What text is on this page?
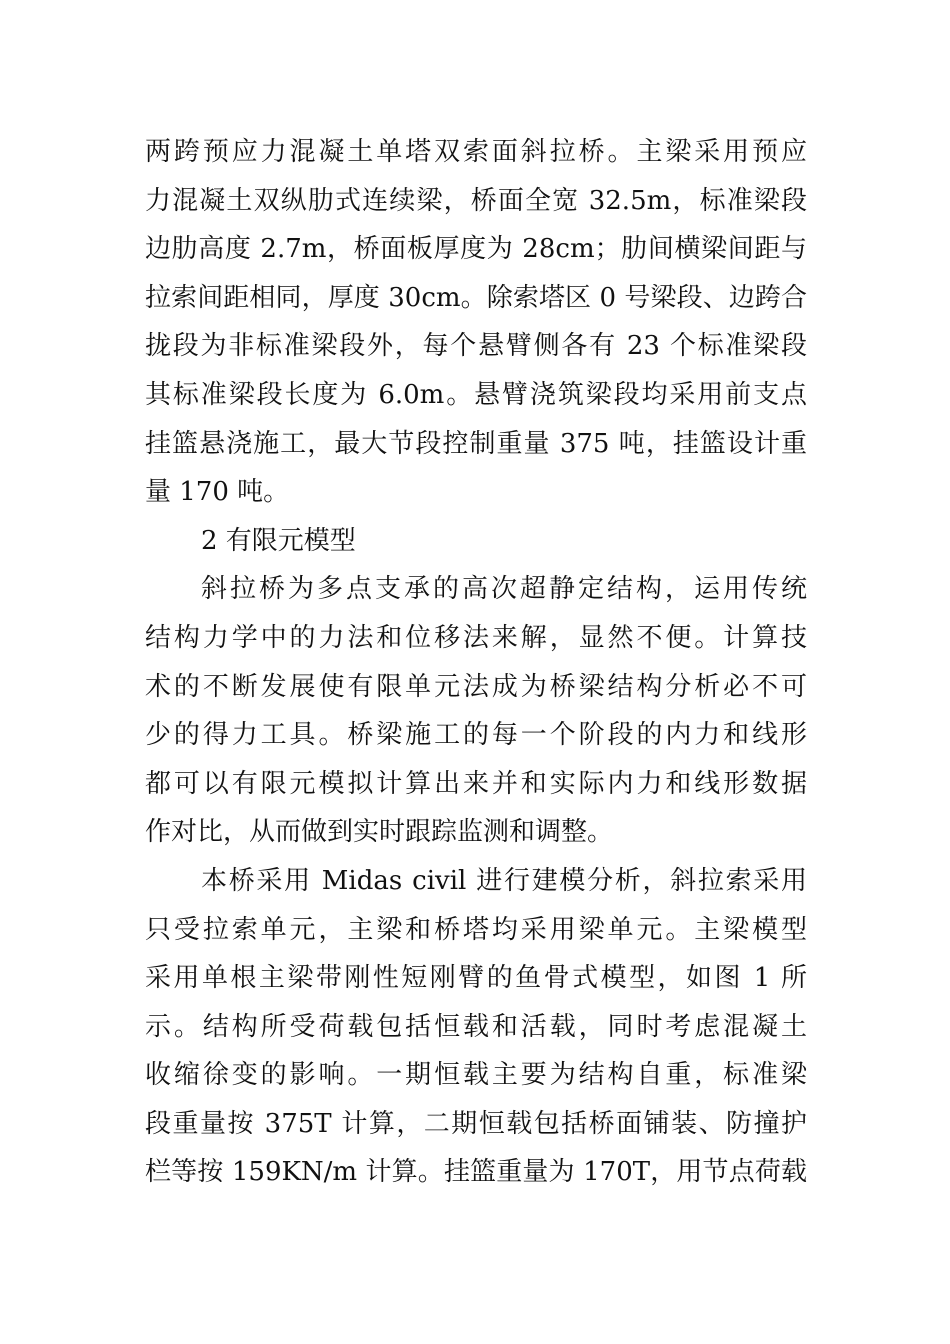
两跨预应力混凝土单塔双索面斜拉桥。主梁采用预应
力混凝土双纵肋式连续梁，桥面全宽 32.5m，标准梁段
边肋高度 2.7m，桥面板厚度为 28cm；肋间横梁间距与
拉索间距相同，厚度 30cm。除索塔区 0 号梁段、边跨合
拢段为非标准梁段外，每个悬臂侧各有 23 个标准梁段
其标准梁段长度为 6.0m。悬臂浇筑梁段均采用前支点
挂篮悬浇施工，最大节段控制重量 375 吨，挂篮设计重
量 170 吨。
2 有限元模型
斜拉桥为多点支承的高次超静定结构，运用传统
结构力学中的力法和位移法来解，显然不便。计算技
术的不断发展使有限单元法成为桥梁结构分析必不可
少的得力工具。桥梁施工的每一个阶段的内力和线形
都可以有限元模拟计算出来并和实际内力和线形数据
作对比，从而做到实时跟踪监测和调整。
本桥采用 Midas civil 进行建模分析，斜拉索采用
只受拉索单元，主梁和桥塔均采用梁单元。主梁模型
采用单根主梁带刚性短刚臂的鱼骨式模型，如图 1 所
示。结构所受荷载包括恒载和活载，同时考虑混凝土
收缩徐变的影响。一期恒载主要为结构自重，标准梁
段重量按 375T 计算，二期恒载包括桥面铺装、防撞护
栏等按 159KN/m 计算。挂篮重量为 170T，用节点荷载
